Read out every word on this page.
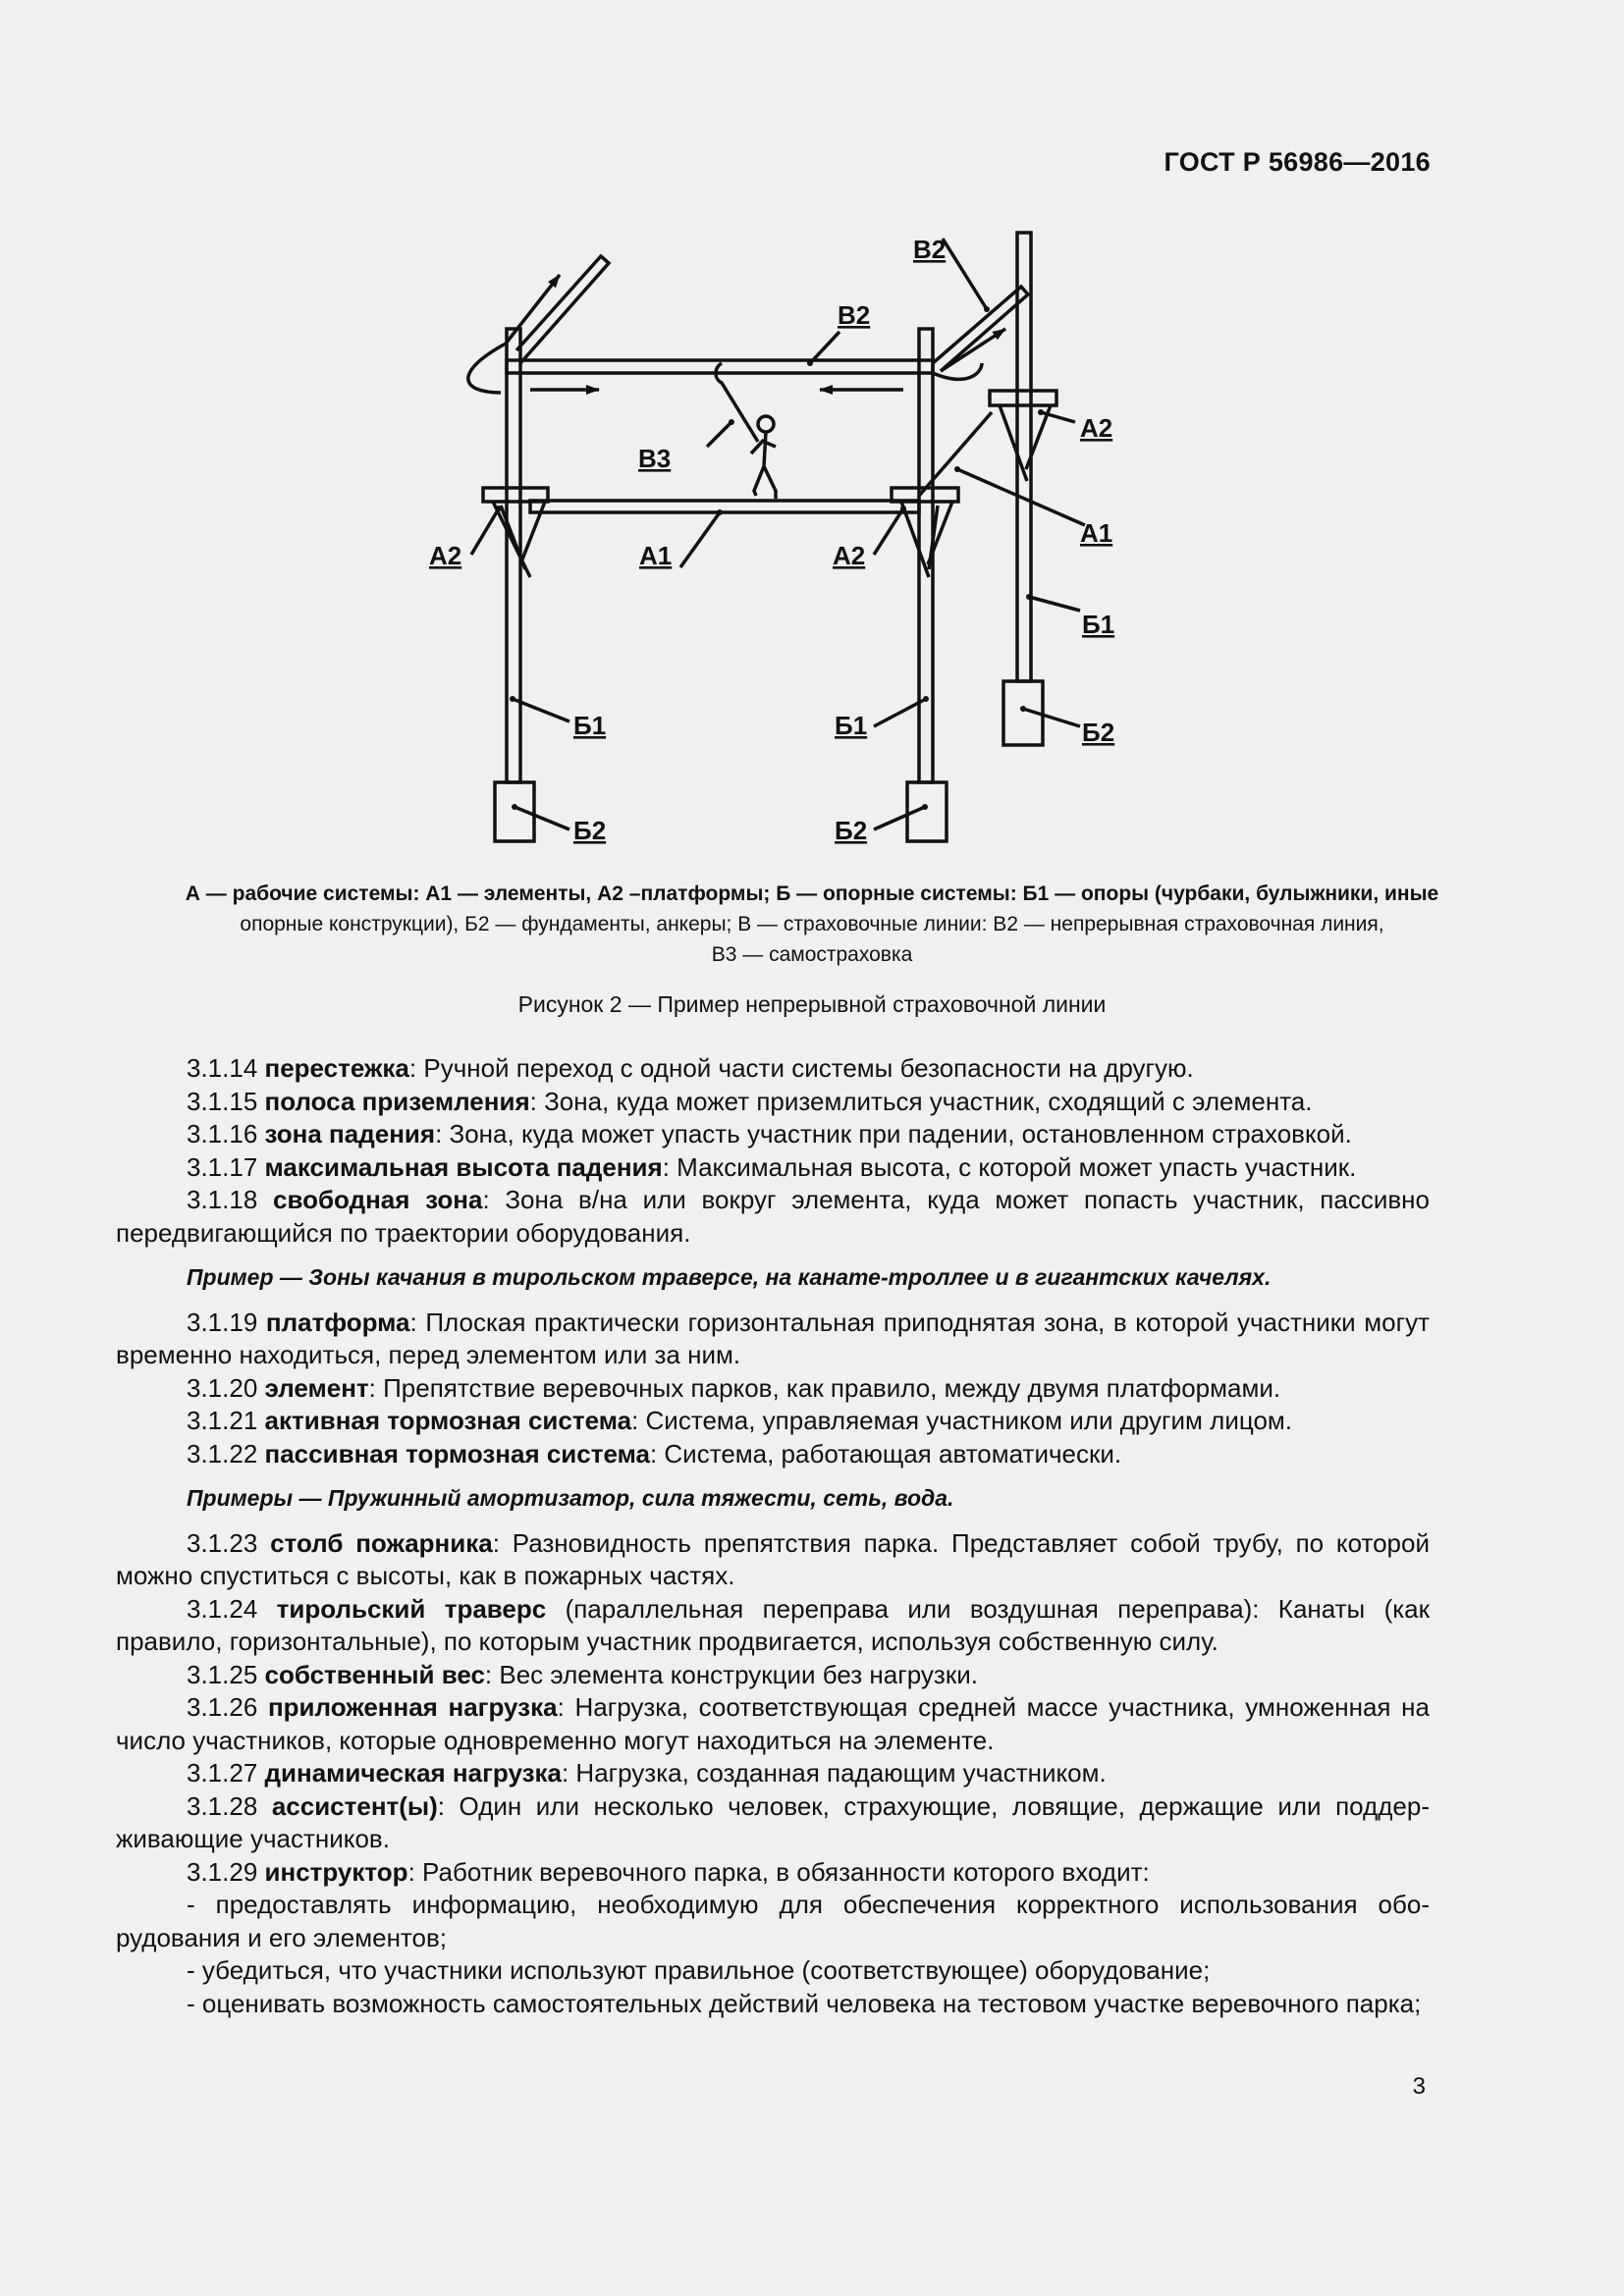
ГОСТ Р 56986—2016
В2
В2
В3
А2
А1
Б1
Б2
А2	А1	А2
Б1	Б1
Б2	Б2
А — рабочие системы: А1 — элементы, А2 –платформы; Б — опорные системы: Б1 — опоры (чурбаки, булыжники, иные
опорные конструкции), Б2 — фундаменты, анкеры; В — страховочные линии: В2 — непрерывная страховочная линия,
В3 — самостраховка
Рисунок 2 — Пример непрерывной страховочной линии

3.1.14 перестежка: Ручной переход с одной части системы безопасности на другую.

3.1.15 полоса приземления: Зона, куда может приземлиться участник, сходящий с элемента.

3.1.16 зона падения: Зона, куда может упасть участник при падении, остановленном страховкой.

3.1.17 максимальная высота падения: Максимальная высота, с которой может упасть участник.

3.1.18 свободная зона: Зона в/на или вокруг элемента, куда может попасть участник, пассивно передвигающийся по траектории оборудования.

Пример — Зоны качания в тирольском траверсе, на канате-троллее и в гигантских качелях.

3.1.19 платформа: Плоская практически горизонтальная приподнятая зона, в которой участники могут временно находиться, перед элементом или за ним.

3.1.20 элемент: Препятствие веревочных парков, как правило, между двумя платформами.

3.1.21 активная тормозная система: Система, управляемая участником или другим лицом.

3.1.22 пассивная тормозная система: Система, работающая автоматически.

Примеры — Пружинный амортизатор, сила тяжести, сеть, вода.

3.1.23 столб пожарника: Разновидность препятствия парка. Представляет собой трубу, по которой можно спуститься с высоты, как в пожарных частях.

3.1.24 тирольский траверс (параллельная переправа или воздушная переправа): Канаты (как правило, горизонтальные), по которым участник продвигается, используя собственную силу.

3.1.25 собственный вес: Вес элемента конструкции без нагрузки.

3.1.26 приложенная нагрузка: Нагрузка, соответствующая средней массе участника, умноженная на число участников, которые одновременно могут находиться на элементе.

3.1.27 динамическая нагрузка: Нагрузка, созданная падающим участником.

3.1.28 ассистент(ы): Один или несколько человек, страхующие, ловящие, держащие или поддерживающие участников.

3.1.29 инструктор: Работник веревочного парка, в обязанности которого входит:

- предоставлять информацию, необходимую для обеспечения корректного использования оборудования и его элементов;

- убедиться, что участники используют правильное (соответствующее) оборудование;

- оценивать возможность самостоятельных действий человека на тестовом участке веревочного парка;

3
